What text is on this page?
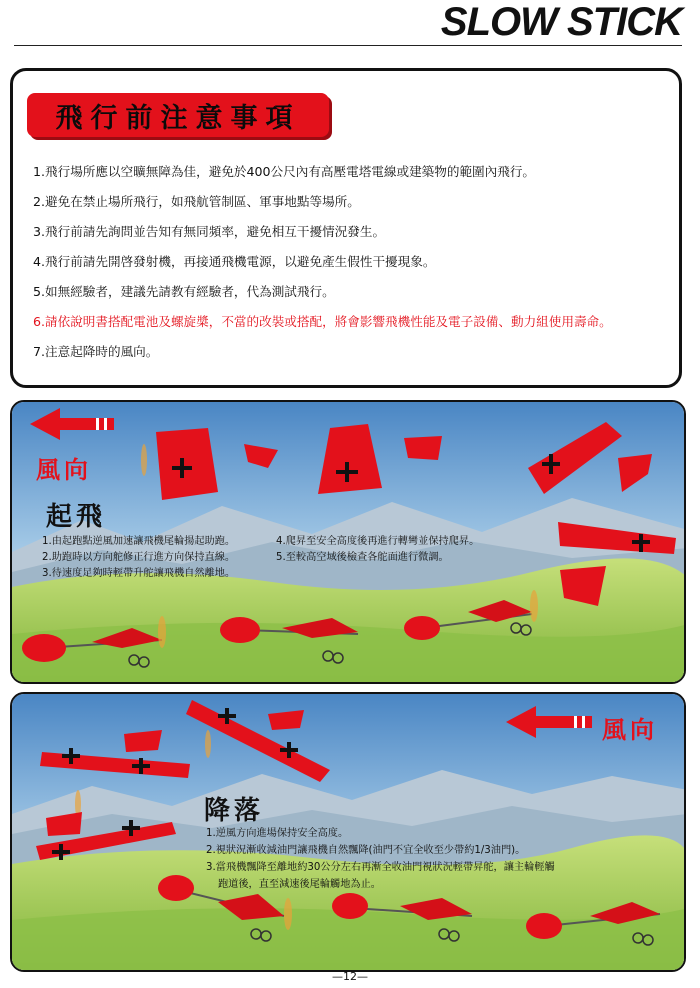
SLOW STICK
飛行前注意事項
1.飛行場所應以空曠無障為佳，避免於400公尺內有高壓電塔電線或建築物的範圍內飛行。
2.避免在禁止場所飛行，如飛航管制區、軍事地點等場所。
3.飛行前請先詢問並告知有無同頻率，避免相互干擾情況發生。
4.飛行前請先開啓發射機，再接通飛機電源，以避免產生假性干擾現象。
5.如無經驗者，建議先請教有經驗者，代為測試飛行。
6.請依說明書搭配電池及螺旋槳，不當的改裝或搭配，將會影響飛機性能及電子設備、動力組使用壽命。
7.注意起降時的風向。
風向
起飛
1.由起跑點逆風加速讓飛機尾輪揚起助跑。
2.助跑時以方向舵修正行進方向保持直線。
3.待速度足夠時輕帶升舵讓飛機自然離地。
4.爬昇至安全高度後再進行轉彎並保持爬昇。
5.至較高空域後檢查各舵面進行微調。
風向
降落
1.逆風方向進場保持安全高度。
2.視狀況漸收減油門讓飛機自然飄降(油門不宜全收至少帶約1/3油門)。
3.當飛機飄降至離地約30公分左右再漸全收油門視狀況輕帶昇舵，讓主輪輕觸
跑道後，直至減速後尾輪觸地為止。
—12—
